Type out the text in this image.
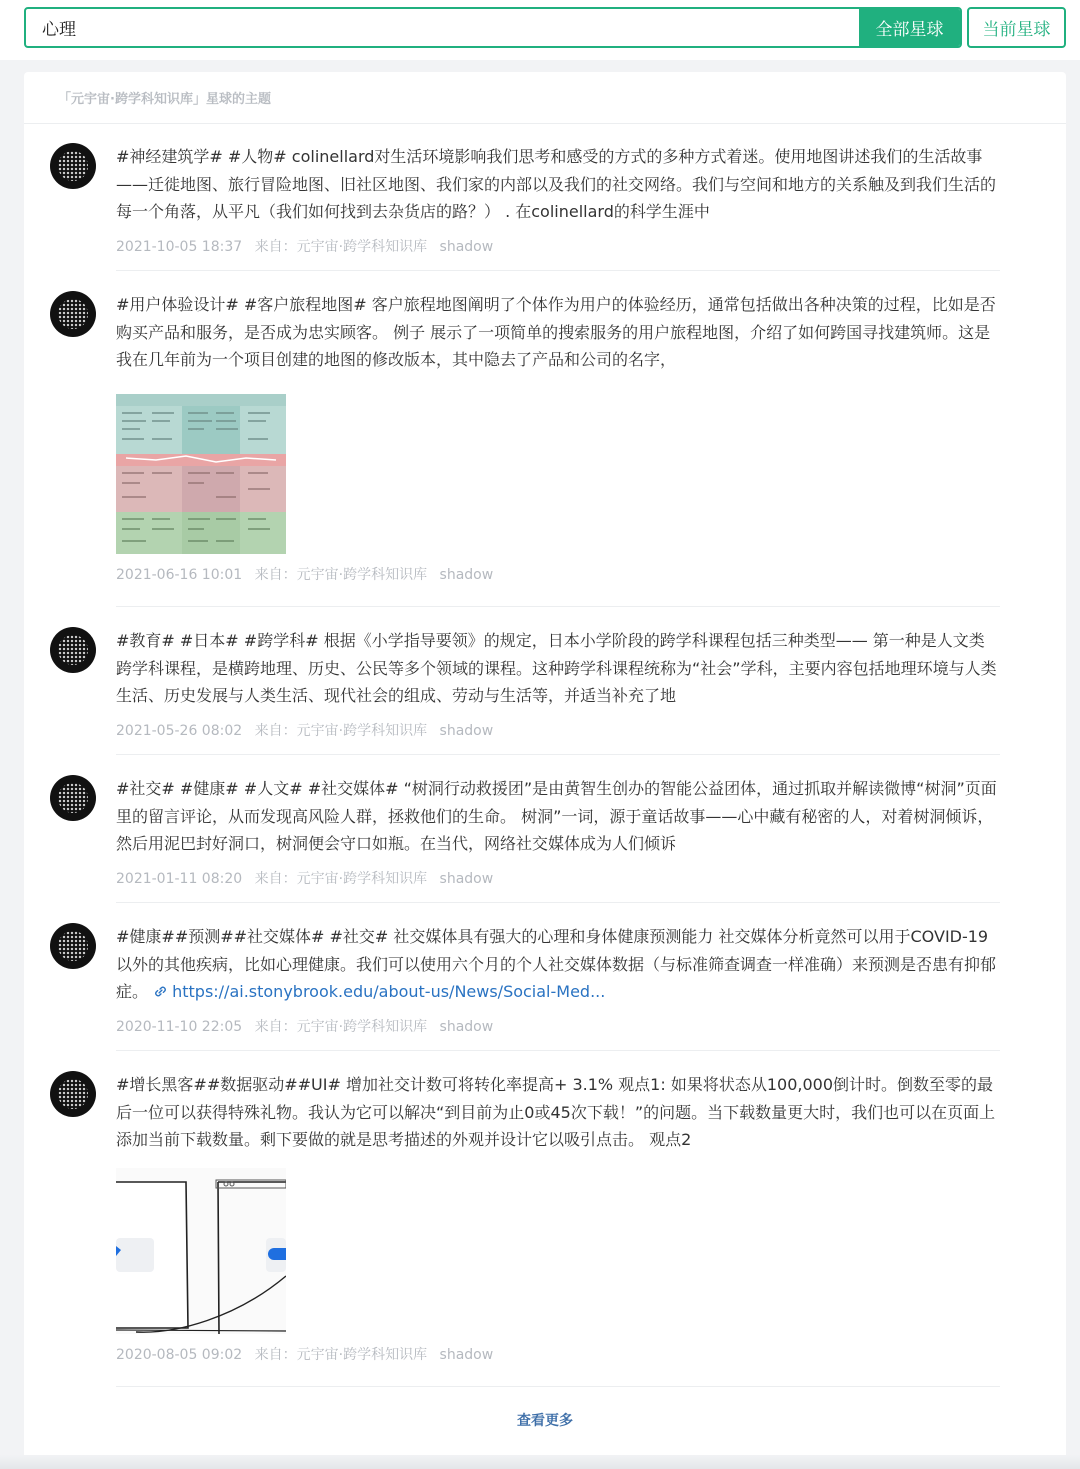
心理
全部星球	当前星球
「元宇宙·跨学科知识库」星球的主题
#神经建筑学# #人物# colinellard对生活环境影响我们思考和感受的方式的多种方式着迷。使用地图讲述我们的生活故事——迁徙地图、旅行冒险地图、旧社区地图、我们家的内部以及我们的社交网络。我们与空间和地方的关系触及到我们生活的每一个角落，从平凡（我们如何找到去杂货店的路？） . 在colinellard的科学生涯中
2021-10-05 18:37 来自：元宇宙·跨学科知识库 shadow
#用户体验设计# #客户旅程地图# 客户旅程地图阐明了个体作为用户的体验经历，通常包括做出各种决策的过程，比如是否购买产品和服务，是否成为忠实顾客。 例子 展示了一项简单的搜索服务的用户旅程地图，介绍了如何跨国寻找建筑师。这是我在几年前为一个项目创建的地图的修改版本，其中隐去了产品和公司的名字，
2021-06-16 10:01 来自：元宇宙·跨学科知识库 shadow
#教育# #日本# #跨学科# 根据《小学指导要领》的规定，日本小学阶段的跨学科课程包括三种类型—— 第一种是人文类跨学科课程，是横跨地理、历史、公民等多个领域的课程。这种跨学科课程统称为“社会”学科，主要内容包括地理环境与人类生活、历史发展与人类生活、现代社会的组成、劳动与生活等，并适当补充了地
2021-05-26 08:02 来自：元宇宙·跨学科知识库 shadow
#社交# #健康# #人文# #社交媒体# “树洞行动救援团”是由黄智生创办的智能公益团体，通过抓取并解读微博“树洞”页面里的留言评论，从而发现高风险人群，拯救他们的生命。 树洞”一词，源于童话故事——心中藏有秘密的人，对着树洞倾诉，然后用泥巴封好洞口，树洞便会守口如瓶。在当代，网络社交媒体成为人们倾诉
2021-01-11 08:20 来自：元宇宙·跨学科知识库 shadow
#健康##预测##社交媒体# #社交# 社交媒体具有强大的心理和身体健康预测能力 社交媒体分析竟然可以用于COVID-19以外的其他疾病，比如心理健康。我们可以使用六个月的个人社交媒体数据（与标准筛查调查一样准确）来预测是否患有抑郁症。 https://ai.stonybrook.edu/about-us/News/Social-Med...
2020-11-10 22:05 来自：元宇宙·跨学科知识库 shadow
#增长黑客##数据驱动##UI# 增加社交计数可将转化率提高+ 3.1% 观点1: 如果将状态从100,000倒计时。倒数至零的最后一位可以获得特殊礼物。我认为它可以解决“到目前为止0或45次下载！”的问题。当下载数量更大时，我们也可以在页面上添加当前下载数量。剩下要做的就是思考描述的外观并设计它以吸引点击。 观点2
2020-08-05 09:02 来自：元宇宙·跨学科知识库 shadow
查看更多
